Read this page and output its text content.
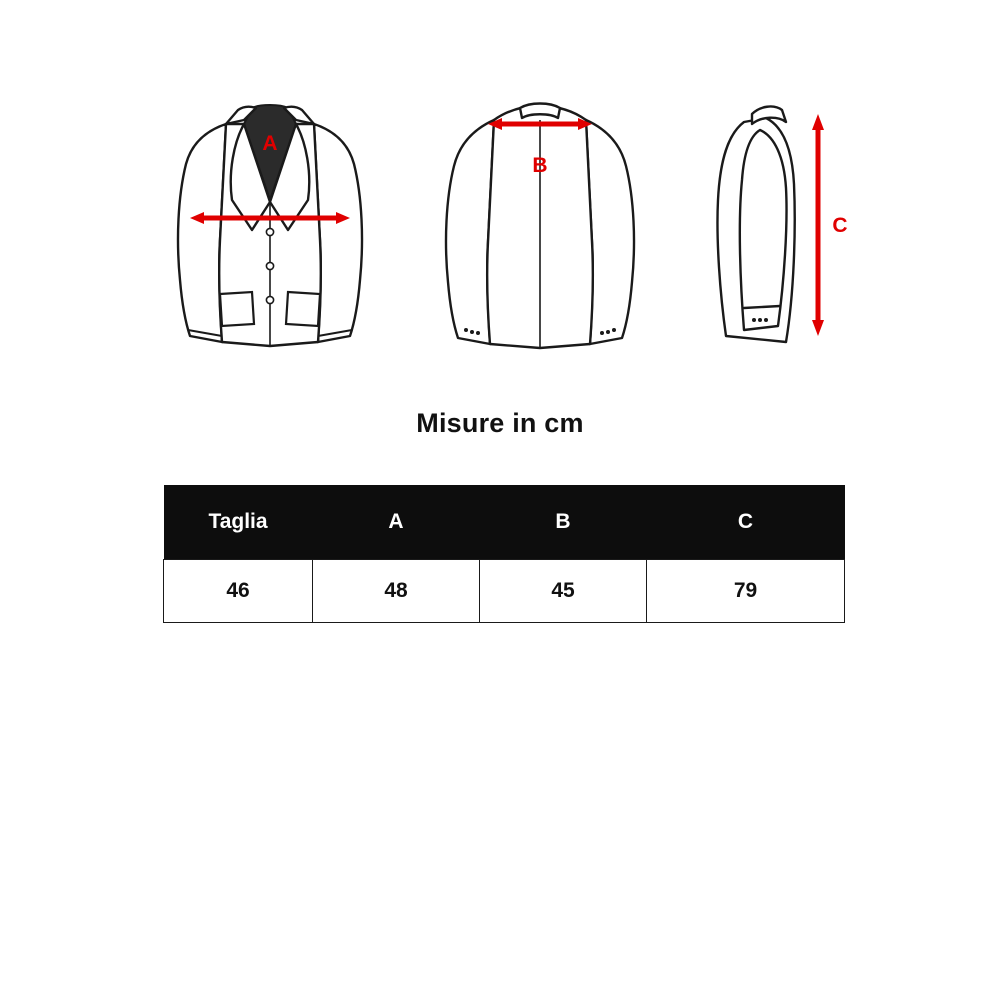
A
B
C
Misure in cm
Taglia	A	B	C
46	48	45	79
